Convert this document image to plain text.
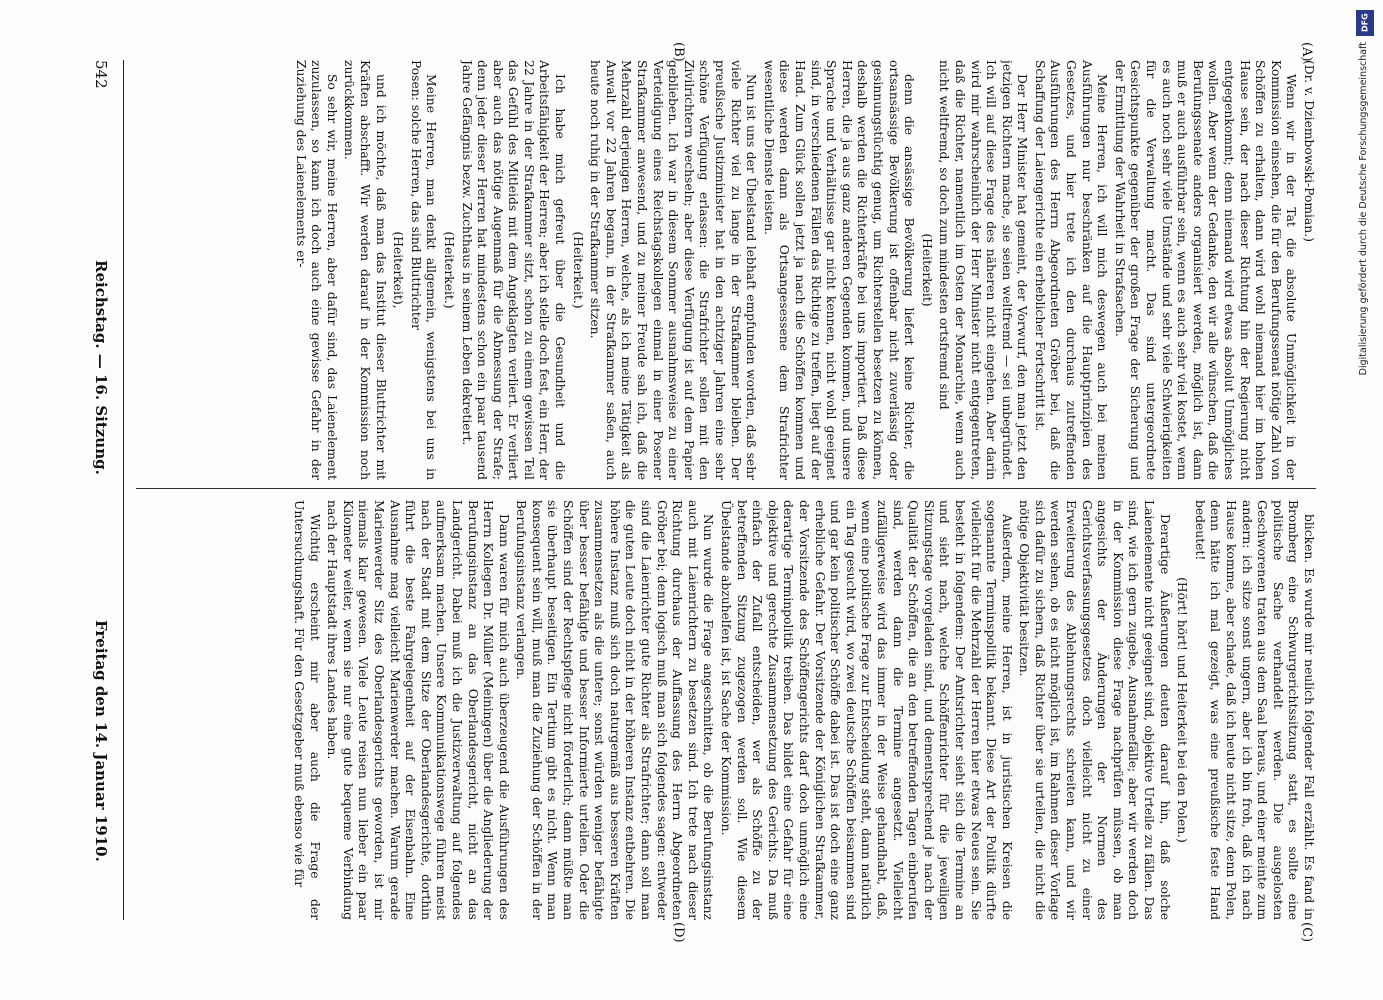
542
Reichstag. — 16. Sitzung.
Freitag den 14. Januar 1910.
(A)
(B)
(C)
(D)

(Dr. v. Dziembowski-Pomian.)

Wenn wir in der Tat die absolute Unmöglichkeit in der Kommission einsehen, die für den Berufungssenat nötige Zahl von Schöffen zu erhalten, dann wird wohl niemand hier im hohen Hause sein, der nach dieser Richtung hin der Regierung nicht entgegenkommt; denn niemand wird etwas absolut Unmögliches wollen. Aber wenn der Gedanke, den wir alle wünschen, daß die Berufungssenate anders organisiert werden, möglich ist, dann muß er auch ausführbar sein, wenn es auch sehr viel kostet, wenn es auch noch sehr viele Umstände und sehr viele Schwierigkeiten für die Verwaltung macht. Das sind untergeordnete Gesichtspunkte gegenüber der großen Frage der Sicherung und der Ermittlung der Wahrheit in Strafsachen.

Meine Herren, ich will mich deswegen auch bei meinen Ausführungen nur beschränken auf die Hauptprinzipien des Gesetzes, und hier trete ich den durchaus zutreffenden Ausführungen des Herrn Abgeordneten Gröber bei, daß die Schaffung der Laiengerichte ein erheblicher Fortschritt ist.

Der Herr Minister hat gemeint, der Vorwurf, den man jetzt den jetzigen Richtern mache, sie seien weltfremd — sei unbegründet. Ich will auf diese Frage des näheren nicht eingehen. Aber darin wird mir wahrscheinlich der Herr Minister nicht entgegentreten, daß die Richter, namentlich im Osten der Monarchie, wenn auch nicht weltfremd, so doch zum mindesten ortsfremd sind

(Heiterkeit)

denn die ansässige Bevölkerung liefert keine Richter, die ortsansässige Bevölkerung ist offenbar nicht zuverlässig oder gesinnungstüchtig genug, um Richterstellen besetzen zu können, deshalb werden die Richterkräfte bei uns importiert. Daß diese Herren, die ja aus ganz anderen Gegenden kommen, und unsere Sprache und Verhältnisse gar nicht kennen, nicht wohl geeignet sind, in verschiedenen Fällen das Richtige zu treffen, liegt auf der Hand. Zum Glück sollen jetzt ja nach die Schöffen kommen und diese werden dann als Ortsangesessene dem Strafrichter wesentliche Dienste leisten.

Nun ist uns der Übelstand lebhaft empfunden worden, daß sehr viele Richter viel zu lange in der Strafkammer bleiben. Der preußische Justizminister hat in den achtziger Jahren eine sehr schöne Verfügung erlassen: die Strafrichter sollen mit den Zivilrichtern wechseln; aber diese Verfügung ist auf dem Papier geblieben. Ich war in diesem Sommer ausnahmsweise zu einer Verteidigung eines Reichstagskollegen einmal in einer Posener Strafkammer anwesend, und zu meiner Freude sah ich, daß die Mehrzahl derjenigen Herren, welche, als ich meine Tätigkeit als Anwalt vor 22 Jahren begann, in der Strafkammer saßen, auch heute noch ruhig in der Strafkammer sitzen.

(Heiterkeit.)

Ich habe mich gefreut über die Gesundheit und die Arbeitsfähigkeit der Herren; aber ich stelle doch fest, ein Herr, der 22 Jahre in der Strafkammer sitzt, schon zu einem gewissen Teil das Gefühl des Mitleids mit dem Angeklagten verliert. Er verliert aber auch das nötige Augenmaß für die Abmessung der Strafe; denn jeder dieser Herren hat mindestens schon ein paar tausend Jahre Gefängnis bezw. Zuchthaus in seinem Leben dekretiert.

(Heiterkeit.)

Meine Herren, man denkt allgemein, wenigstens bei uns in Posen: solche Herren, das sind Bluttrichter

(Heiterkeit),

und ich möchte, daß man das Institut dieser Bluttrichter mit Kräften abschafft. Wir werden darauf in der Kommission noch zurückkommen.

So sehr wir, meine Herren, aber dafür sind, das Laienelement zuzulassen, so kann ich doch auch eine gewisse Gefahr in der Zuziehung des Laienelements er-

blicken. Es wurde mir neulich folgender Fall erzählt. Es fand in Bromberg eine Schwurgerichtssitzung statt, es sollte eine politische Sache verhandelt werden. Die ausgelosten Geschworenen traten aus dem Saal heraus, und einer meinte zum andern: ich sitze sonst ungern, aber ich bin froh, daß ich nach Hause komme, aber schade, daß ich heute nicht sitze, denn Polen, denn hätte ich mal gezeigt, was eine preußische feste Hand bedeutet!

(Hört! hört! und Heiterkeit bei den Polen.)

Derartige Äußerungen deuten darauf hin, daß solche Laienelemente nicht geeignet sind, objektive Urteile zu fällen. Das sind, wie ich gern zugebe, Ausnahmefälle; aber wir werden doch in der Kommission diese Frage nachprüfen müssen, ob man angesichts der Änderungen der Normen des Gerichtsverfassungsgesetzes doch vielleicht nicht zu einer Erweiterung des Ablehnungsrechts schreiten kann, und wir werden sehen, ob es nicht möglich ist, im Rahmen dieser Vorlage sich dafür zu sichern, daß Richter über sie urteilen, die nicht die nötige Objektivität besitzen.

Außerdem, meine Herren, ist in juristischen Kreisen die sogenannte Terminspolitik bekannt. Diese Art der Politik dürfte vielleicht für die Mehrzahl der Herren hier etwas Neues sein. Sie besteht in folgendem: Der Amtsrichter sieht sich die Termine an und sieht nach, welche Schöffenrichter für die jeweiligen Sitzungstage vorgeladen sind, und dementsprechend je nach der Qualität der Schöffen, die an den betreffenden Tagen einberufen sind, werden dann die Termine angesetzt. Vielleicht zufälligerweise wird das immer in der Weise gehandhabt, daß, wenn eine politische Frage zur Entscheidung steht, dann natürlich ein Tag gesucht wird, wo zwei deutsche Schöffen beisammen sind und gar kein politischer Schöffe dabei ist. Das ist doch eine ganz erhebliche Gefahr. Der Vorsitzende der Königlichen Strafkammer, der Vorsitzende des Schöffengerichts darf doch unmöglich eine derartige Terminpolitik treiben. Das bildet eine Gefahr für eine objektive und gerechte Zusammensetzung des Gerichts. Da muß einfach der Zufall entscheiden, wer als Schöffe zu der betreffenden Sitzung zugezogen werden soll. Wie diesem Übelstande abzuhelfen ist, ist Sache der Kommission.

Nun wurde die Frage angeschnitten, ob die Berufungsinstanz auch mit Laienrichtern zu besetzen sind. Ich trete nach dieser Richtung durchaus der Auffassung des Herrn Abgeordneten Gröber bei; denn logisch muß man sich folgendes sagen: entweder sind die Laienrichter gute Richter als Strafrichter; dann soll man die guten Leute doch nicht in der höheren Instanz entbehren. Die höhere Instanz muß sich doch naturgemäß aus besseren Kräften zusammensetzen als die untere; sonst würden weniger befähigte über besser befähigte und besser Informierte urteilen. Oder die Schöffen sind der Rechtspflege nicht förderlich; dann müßte man sie überhaupt beseitigen. Ein Tertium gibt es nicht. Wenn man konsequent sein will, muß man die Zuziehung der Schöffen in der Berufungsinstanz verlangen.

Dann waren für mich auch überzeugend die Ausführungen des Herrn Kollegen Dr. Müller (Meiningen) über die Angliederung der Berufungsinstanz an das Oberlandesgericht, nicht an das Landgericht. Dabei muß ich die Justizverwaltung auf folgendes aufmerksam machen. Unsere Kommunikationswege führen meist nach der Stadt mit dem Sitze der Oberlandesgerichte, dorthin führt die beste Fahrgelegenheit auf der Eisenbahn. Eine Ausnahme mag vielleicht Marienwerder machen. Warum gerade Marienwerder Sitz des Oberlandesgerichts geworden, ist mir niemals klar gewesen. Viele Leute reisen nun lieber ein paar Kilometer weiter, wenn sie nur eine gute bequeme Verbindung nach der Hauptstadt ihres Landes haben.

Wichtig erscheint mir aber auch die Frage der Untersuchungshaft. Für den Gesetzgeber muß ebenso wie für

DFG
Digitalisierung gefördert durch die Deutsche Forschungsgemeinschaft
